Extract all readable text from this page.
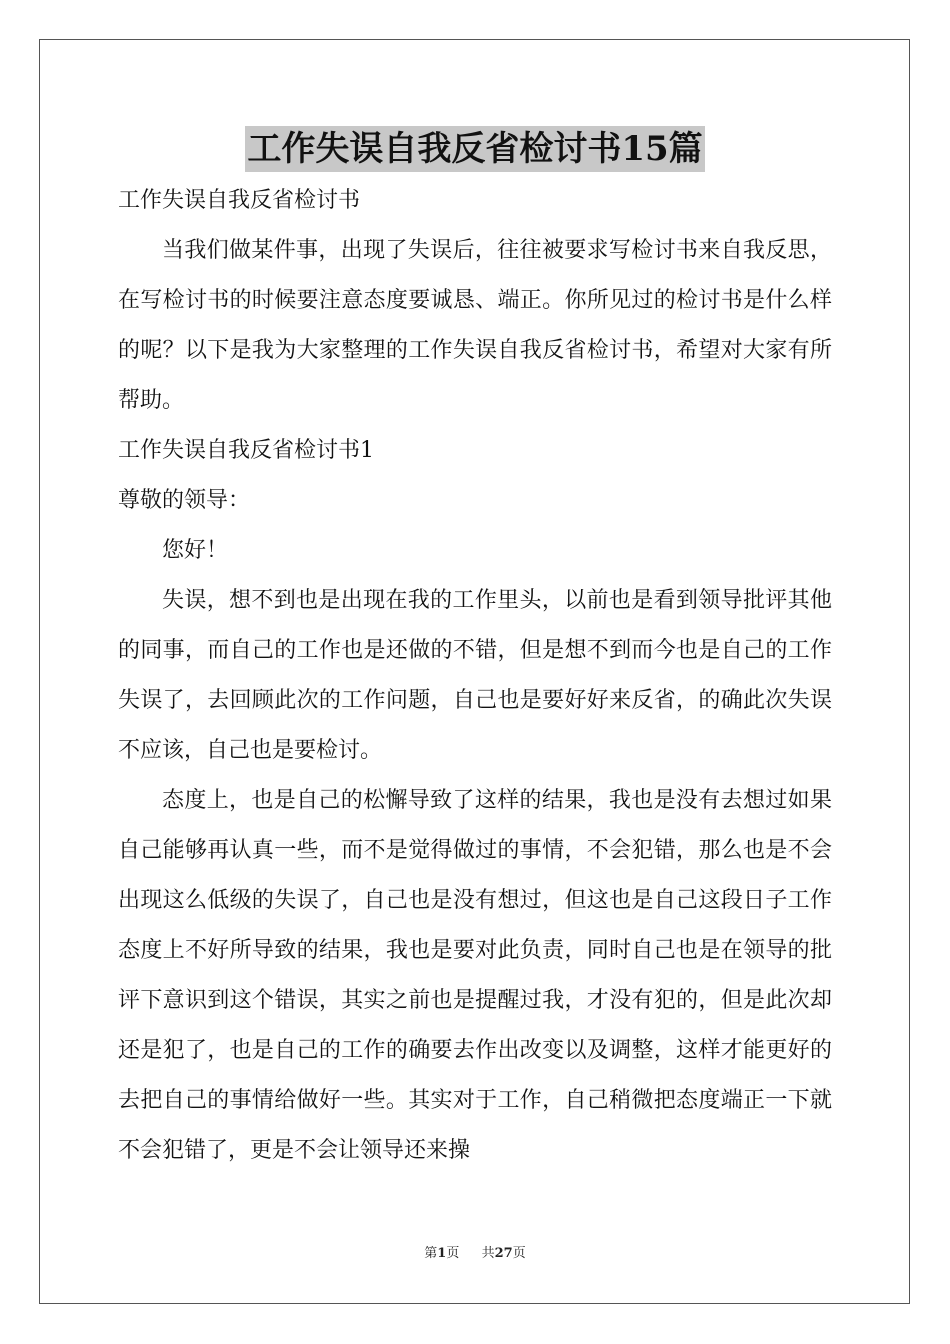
工作失误自我反省检讨书15篇

工作失误自我反省检讨书

当我们做某件事，出现了失误后，往往被要求写检讨书来自我反思，在写检讨书的时候要注意态度要诚恳、端正。你所见过的检讨书是什么样的呢？以下是我为大家整理的工作失误自我反省检讨书，希望对大家有所帮助。

工作失误自我反省检讨书1

尊敬的领导：

您好！

失误，想不到也是出现在我的工作里头，以前也是看到领导批评其他的同事，而自己的工作也是还做的不错，但是想不到而今也是自己的工作失误了，去回顾此次的工作问题，自己也是要好好来反省，的确此次失误不应该，自己也是要检讨。

态度上，也是自己的松懈导致了这样的结果，我也是没有去想过如果自己能够再认真一些，而不是觉得做过的事情，不会犯错，那么也是不会出现这么低级的失误了，自己也是没有想过，但这也是自己这段日子工作态度上不好所导致的结果，我也是要对此负责，同时自己也是在领导的批评下意识到这个错误，其实之前也是提醒过我，才没有犯的，但是此次却还是犯了，也是自己的工作的确要去作出改变以及调整，这样才能更好的去把自己的事情给做好一些。其实对于工作，自己稍微把态度端正一下就不会犯错了，更是不会让领导还来操

第1页 共27页
